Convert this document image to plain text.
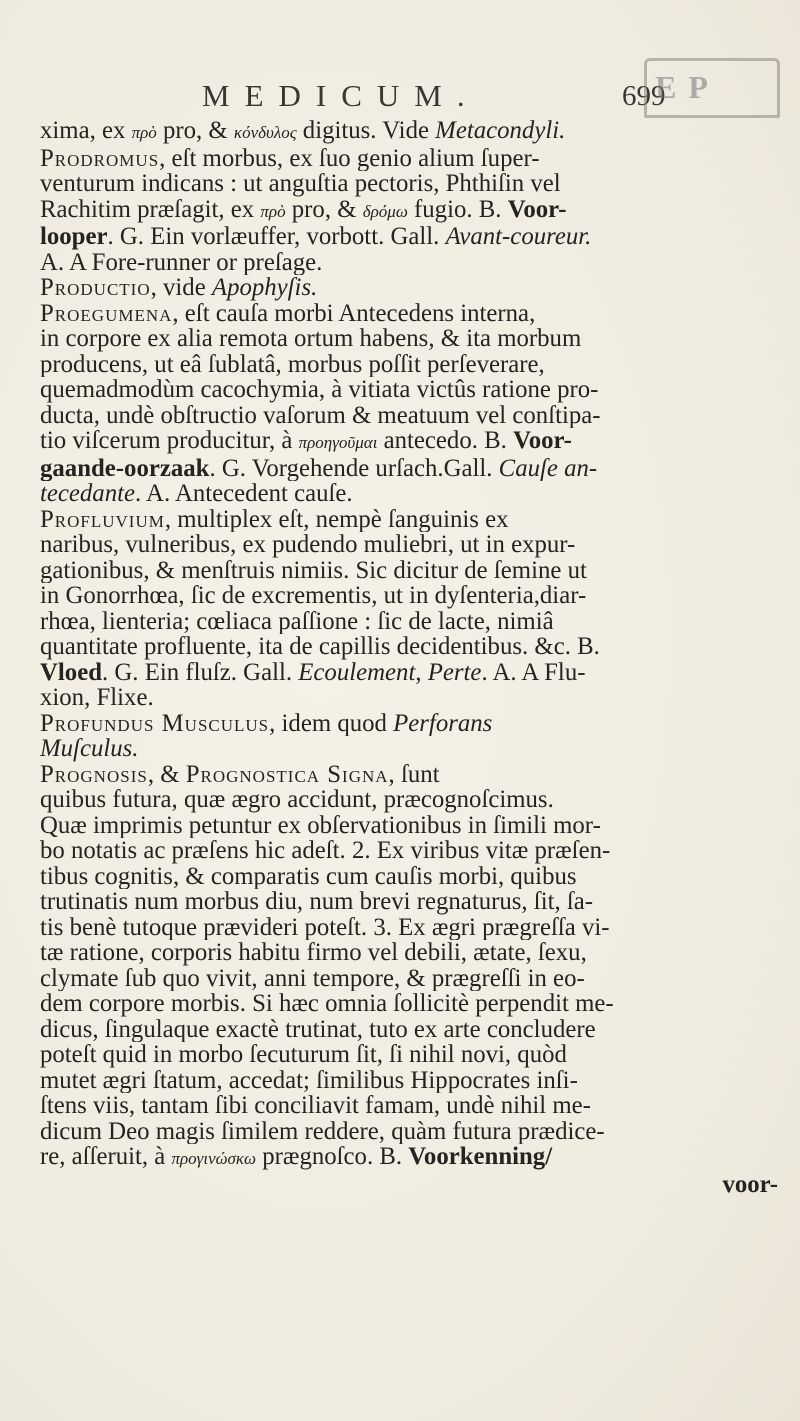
MEDICUM.	699
E P
xima, ex πρὸ pro, & κόνδυλος digitus. Vide Metacondyli.
Prodromus, eſt morbus, ex ſuo genio alium ſuper-
venturum indicans : ut anguſtia pectoris, Phthiſin vel
Rachitim præſagit, ex πρὸ pro, & δρόμω fugio. B. Voor-
looper. G. Ein vorlæuffer, vorbott. Gall. Avant-coureur.
A. A Fore-runner or preſage.
Productio, vide Apophyſis.
Proegumena, eſt cauſa morbi Antecedens interna,
in corpore ex alia remota ortum habens, & ita morbum
producens, ut eâ ſublatâ, morbus poſſit perſeverare,
quemadmodùm cacochymia, à vitiata victûs ratione pro-
ducta, undè obſtructio vaſorum & meatuum vel conſtipa-
tio viſcerum producitur, à προηγοῦμαι antecedo. B. Voor-
gaande-oorzaak. G. Vorgehende urſach.Gall. Cauſe an-
tecedante. A. Antecedent cauſe.
Profluvium, multiplex eſt, nempè ſanguinis ex
naribus, vulneribus, ex pudendo muliebri, ut in expur-
gationibus, & menſtruis nimiis. Sic dicitur de ſemine ut
in Gonorrhœa, ſic de excrementis, ut in dyſenteria,diar-
rhœa, lienteria; cœliaca paſſione : ſic de lacte, nimiâ
quantitate profluente, ita de capillis decidentibus. &c. B.
Vloed. G. Ein fluſz. Gall. Ecoulement, Perte. A. A Flu-
xion, Flixe.
Profundus Musculus, idem quod Perforans
Muſculus.
Prognosis, & Prognostica Signa, ſunt
quibus futura, quæ ægro accidunt, præcognoſcimus.
Quæ imprimis petuntur ex obſervationibus in ſimili mor-
bo notatis ac præſens hic adeſt. 2. Ex viribus vitæ præſen-
tibus cognitis, & comparatis cum cauſis morbi, quibus
trutinatis num morbus diu, num brevi regnaturus, ſit, ſa-
tis benè tutoque prævideri poteſt. 3. Ex ægri prægreſſa vi-
tæ ratione, corporis habitu firmo vel debili, ætate, ſexu,
clymate ſub quo vivit, anni tempore, & prægreſſi in eo-
dem corpore morbis. Si hæc omnia ſollicitè perpendit me-
dicus, ſingulaque exactè trutinat, tuto ex arte concludere
poteſt quid in morbo ſecuturum ſit, ſi nihil novi, quòd
mutet ægri ſtatum, accedat; ſimilibus Hippocrates inſi-
ſtens viis, tantam ſibi conciliavit famam, undè nihil me-
dicum Deo magis ſimilem reddere, quàm futura prædice-
re, aſſeruit, à προγινώσκω prægnoſco. B. Voorkenning/
voor-
